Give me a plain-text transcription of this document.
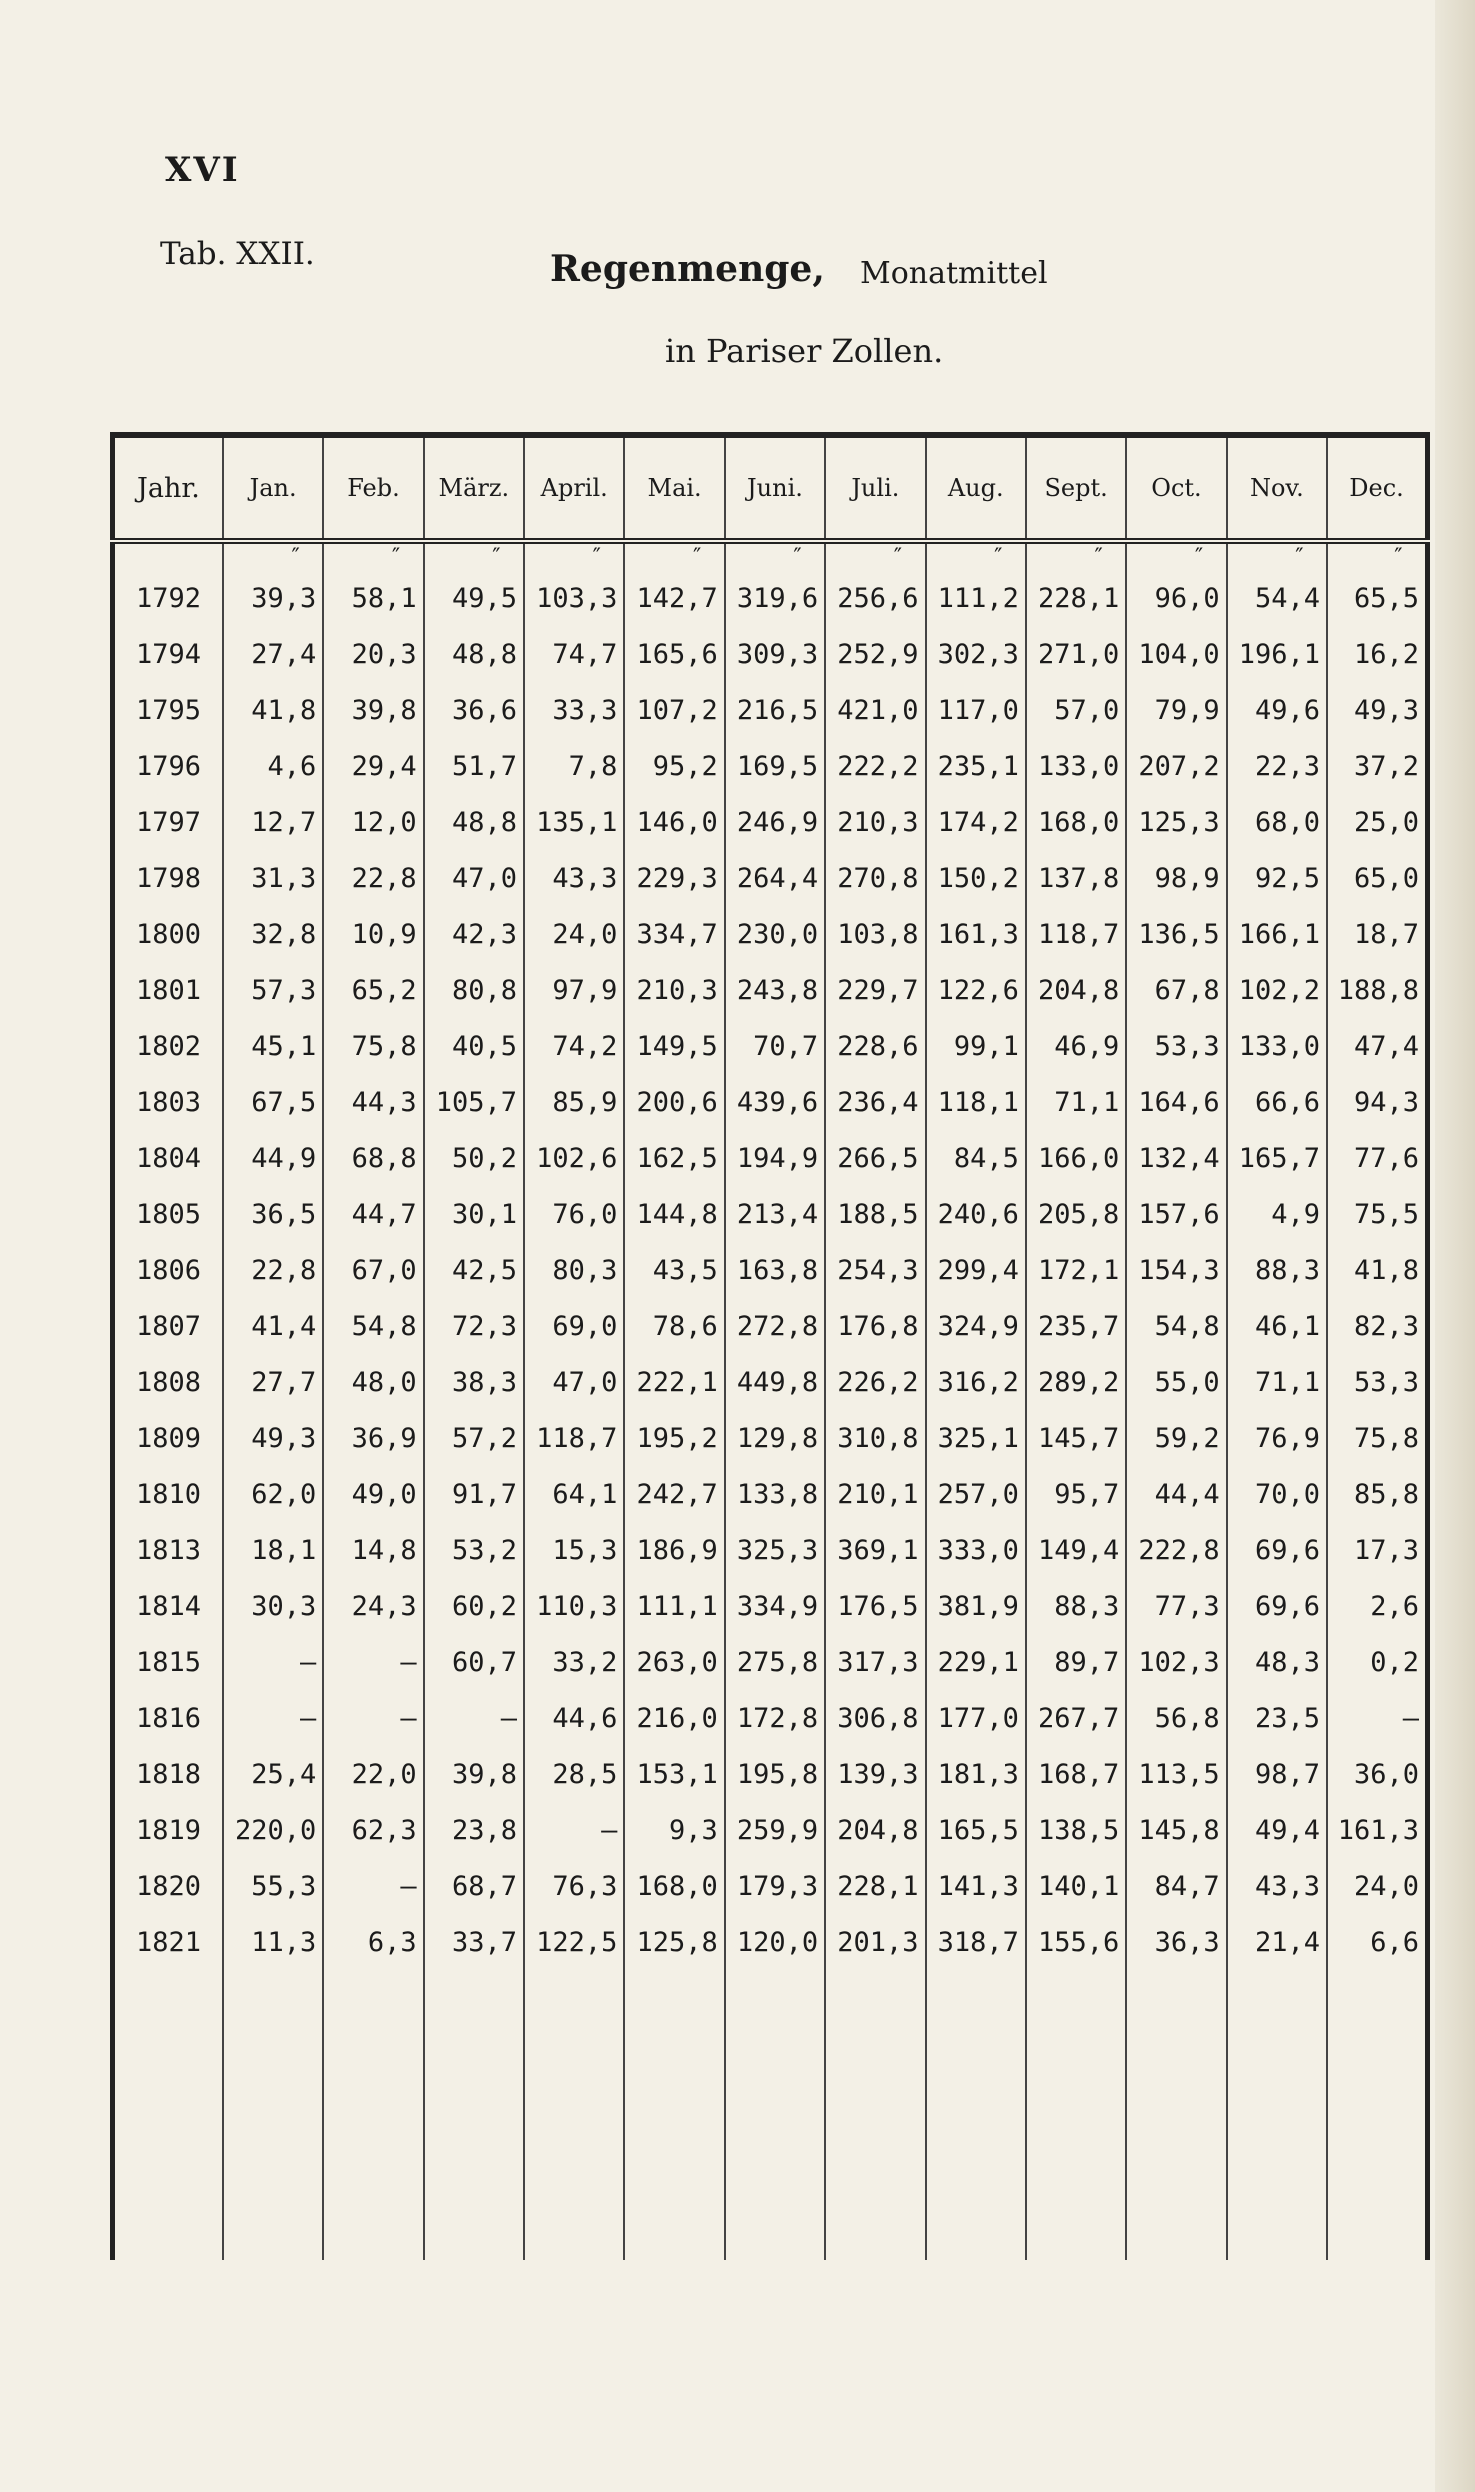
XVI
Tab. XXII.	Regenmenge, Monatmittel
in Pariser Zollen.
Jahr.	Jan.	Feb.	März.	April.	Mai.	Juni.	Juli.	Aug.	Sept.	Oct.	Nov.	Dec.
	″	″	″	″	″	″	″	″	″	″	″	″
1792	39,3	58,1	49,5	103,3	142,7	319,6	256,6	111,2	228,1	96,0	54,4	65,5
1794	27,4	20,3	48,8	74,7	165,6	309,3	252,9	302,3	271,0	104,0	196,1	16,2
1795	41,8	39,8	36,6	33,3	107,2	216,5	421,0	117,0	57,0	79,9	49,6	49,3
1796	4,6	29,4	51,7	7,8	95,2	169,5	222,2	235,1	133,0	207,2	22,3	37,2
1797	12,7	12,0	48,8	135,1	146,0	246,9	210,3	174,2	168,0	125,3	68,0	25,0
1798	31,3	22,8	47,0	43,3	229,3	264,4	270,8	150,2	137,8	98,9	92,5	65,0
1800	32,8	10,9	42,3	24,0	334,7	230,0	103,8	161,3	118,7	136,5	166,1	18,7
1801	57,3	65,2	80,8	97,9	210,3	243,8	229,7	122,6	204,8	67,8	102,2	188,8
1802	45,1	75,8	40,5	74,2	149,5	70,7	228,6	99,1	46,9	53,3	133,0	47,4
1803	67,5	44,3	105,7	85,9	200,6	439,6	236,4	118,1	71,1	164,6	66,6	94,3
1804	44,9	68,8	50,2	102,6	162,5	194,9	266,5	84,5	166,0	132,4	165,7	77,6
1805	36,5	44,7	30,1	76,0	144,8	213,4	188,5	240,6	205,8	157,6	4,9	75,5
1806	22,8	67,0	42,5	80,3	43,5	163,8	254,3	299,4	172,1	154,3	88,3	41,8
1807	41,4	54,8	72,3	69,0	78,6	272,8	176,8	324,9	235,7	54,8	46,1	82,3
1808	27,7	48,0	38,3	47,0	222,1	449,8	226,2	316,2	289,2	55,0	71,1	53,3
1809	49,3	36,9	57,2	118,7	195,2	129,8	310,8	325,1	145,7	59,2	76,9	75,8
1810	62,0	49,0	91,7	64,1	242,7	133,8	210,1	257,0	95,7	44,4	70,0	85,8
1813	18,1	14,8	53,2	15,3	186,9	325,3	369,1	333,0	149,4	222,8	69,6	17,3
1814	30,3	24,3	60,2	110,3	111,1	334,9	176,5	381,9	88,3	77,3	69,6	2,6
1815	–	–	60,7	33,2	263,0	275,8	317,3	229,1	89,7	102,3	48,3	0,2
1816	–	–	–	44,6	216,0	172,8	306,8	177,0	267,7	56,8	23,5	–
1818	25,4	22,0	39,8	28,5	153,1	195,8	139,3	181,3	168,7	113,5	98,7	36,0
1819	220,0	62,3	23,8	–	9,3	259,9	204,8	165,5	138,5	145,8	49,4	161,3
1820	55,3	–	68,7	76,3	168,0	179,3	228,1	141,3	140,1	84,7	43,3	24,0
1821	11,3	6,3	33,7	122,5	125,8	120,0	201,3	318,7	155,6	36,3	21,4	6,6
